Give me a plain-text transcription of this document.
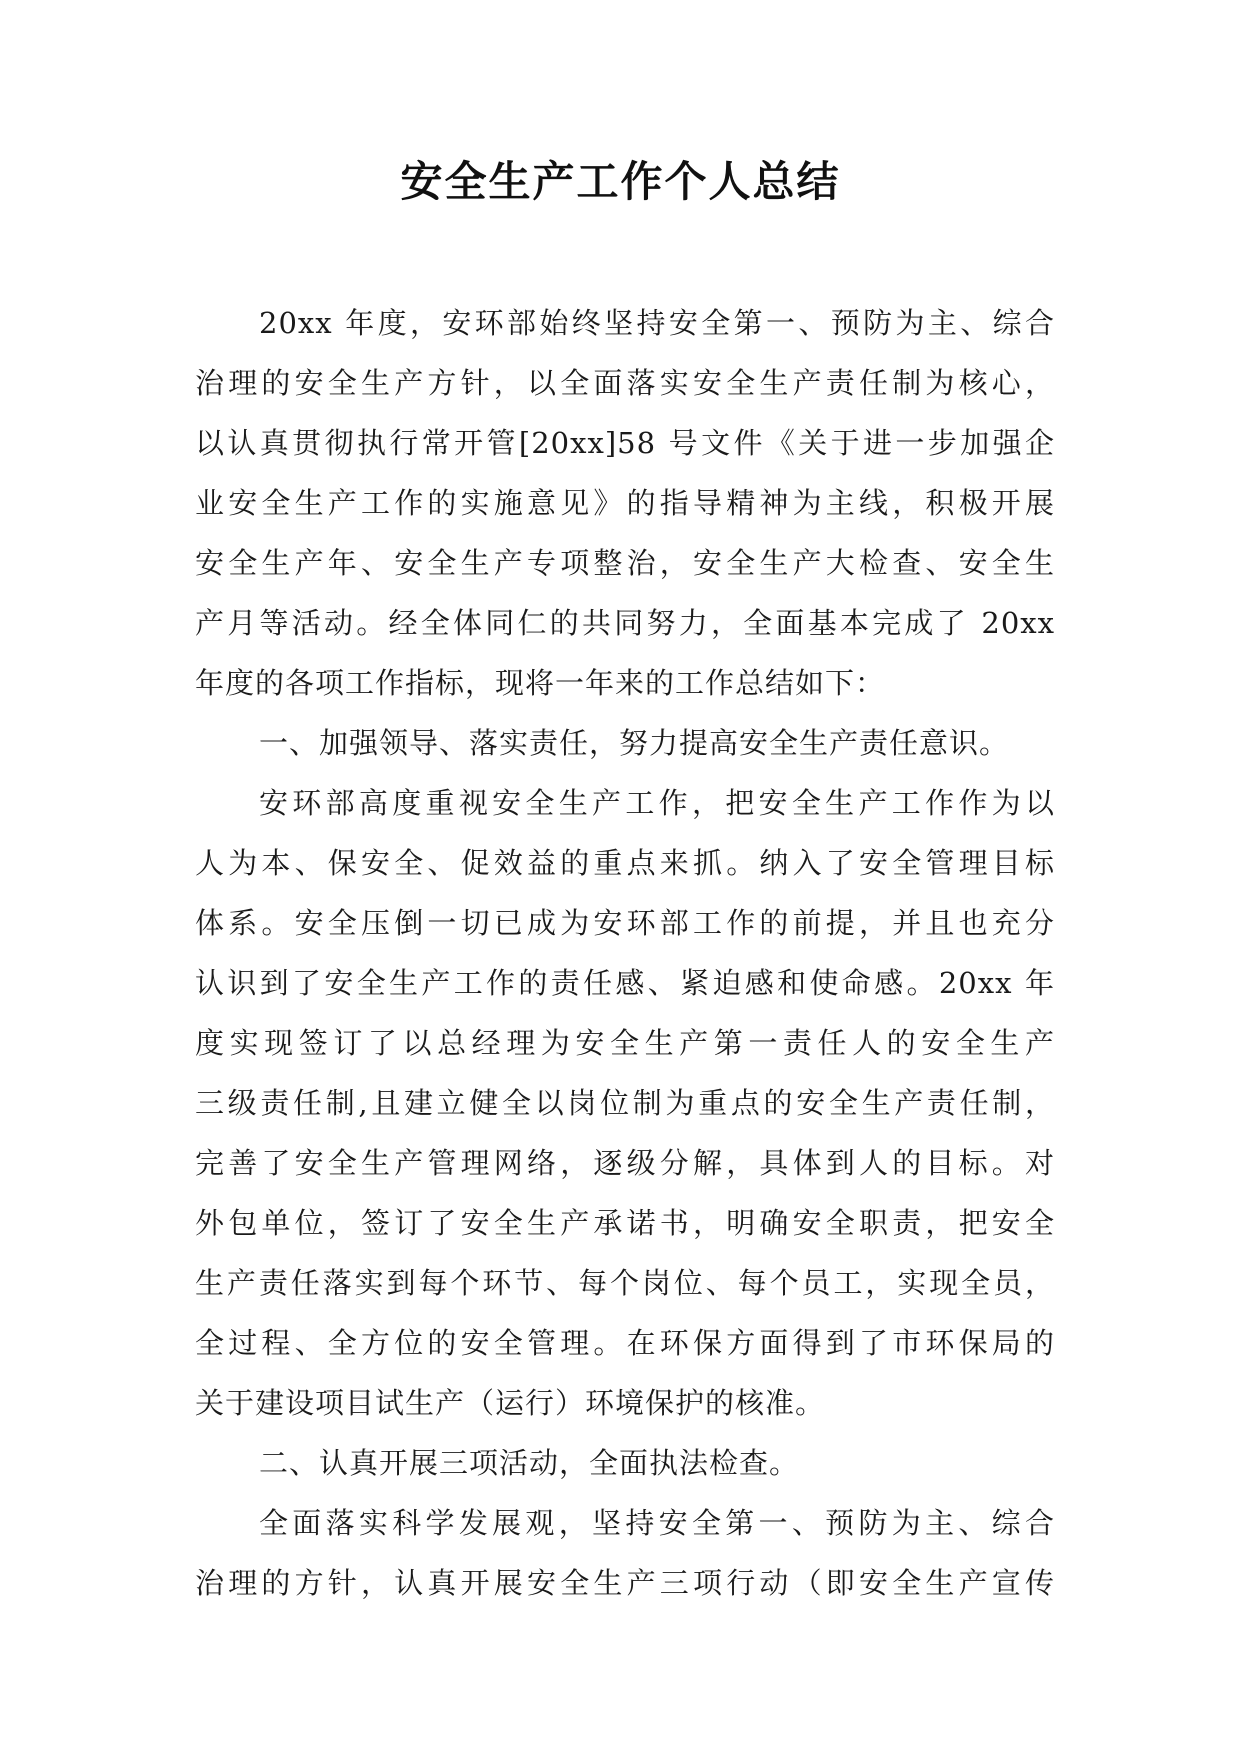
安全生产工作个人总结
20xx 年度，安环部始终坚持安全第一、预防为主、综合
治理的安全生产方针，以全面落实安全生产责任制为核心，
以认真贯彻执行常开管[20xx]58 号文件《关于进一步加强企
业安全生产工作的实施意见》的指导精神为主线，积极开展
安全生产年、安全生产专项整治，安全生产大检查、安全生
产月等活动。经全体同仁的共同努力，全面基本完成了 20xx
年度的各项工作指标，现将一年来的工作总结如下：
一、加强领导、落实责任，努力提高安全生产责任意识。
安环部高度重视安全生产工作，把安全生产工作作为以
人为本、保安全、促效益的重点来抓。纳入了安全管理目标
体系。安全压倒一切已成为安环部工作的前提，并且也充分
认识到了安全生产工作的责任感、紧迫感和使命感。20xx 年
度实现签订了以总经理为安全生产第一责任人的安全生产
三级责任制,且建立健全以岗位制为重点的安全生产责任制，
完善了安全生产管理网络，逐级分解，具体到人的目标。对
外包单位，签订了安全生产承诺书，明确安全职责，把安全
生产责任落实到每个环节、每个岗位、每个员工，实现全员，
全过程、全方位的安全管理。在环保方面得到了市环保局的
关于建设项目试生产（运行）环境保护的核准。
二、认真开展三项活动，全面执法检查。
全面落实科学发展观，坚持安全第一、预防为主、综合
治理的方针，认真开展安全生产三项行动（即安全生产宣传
